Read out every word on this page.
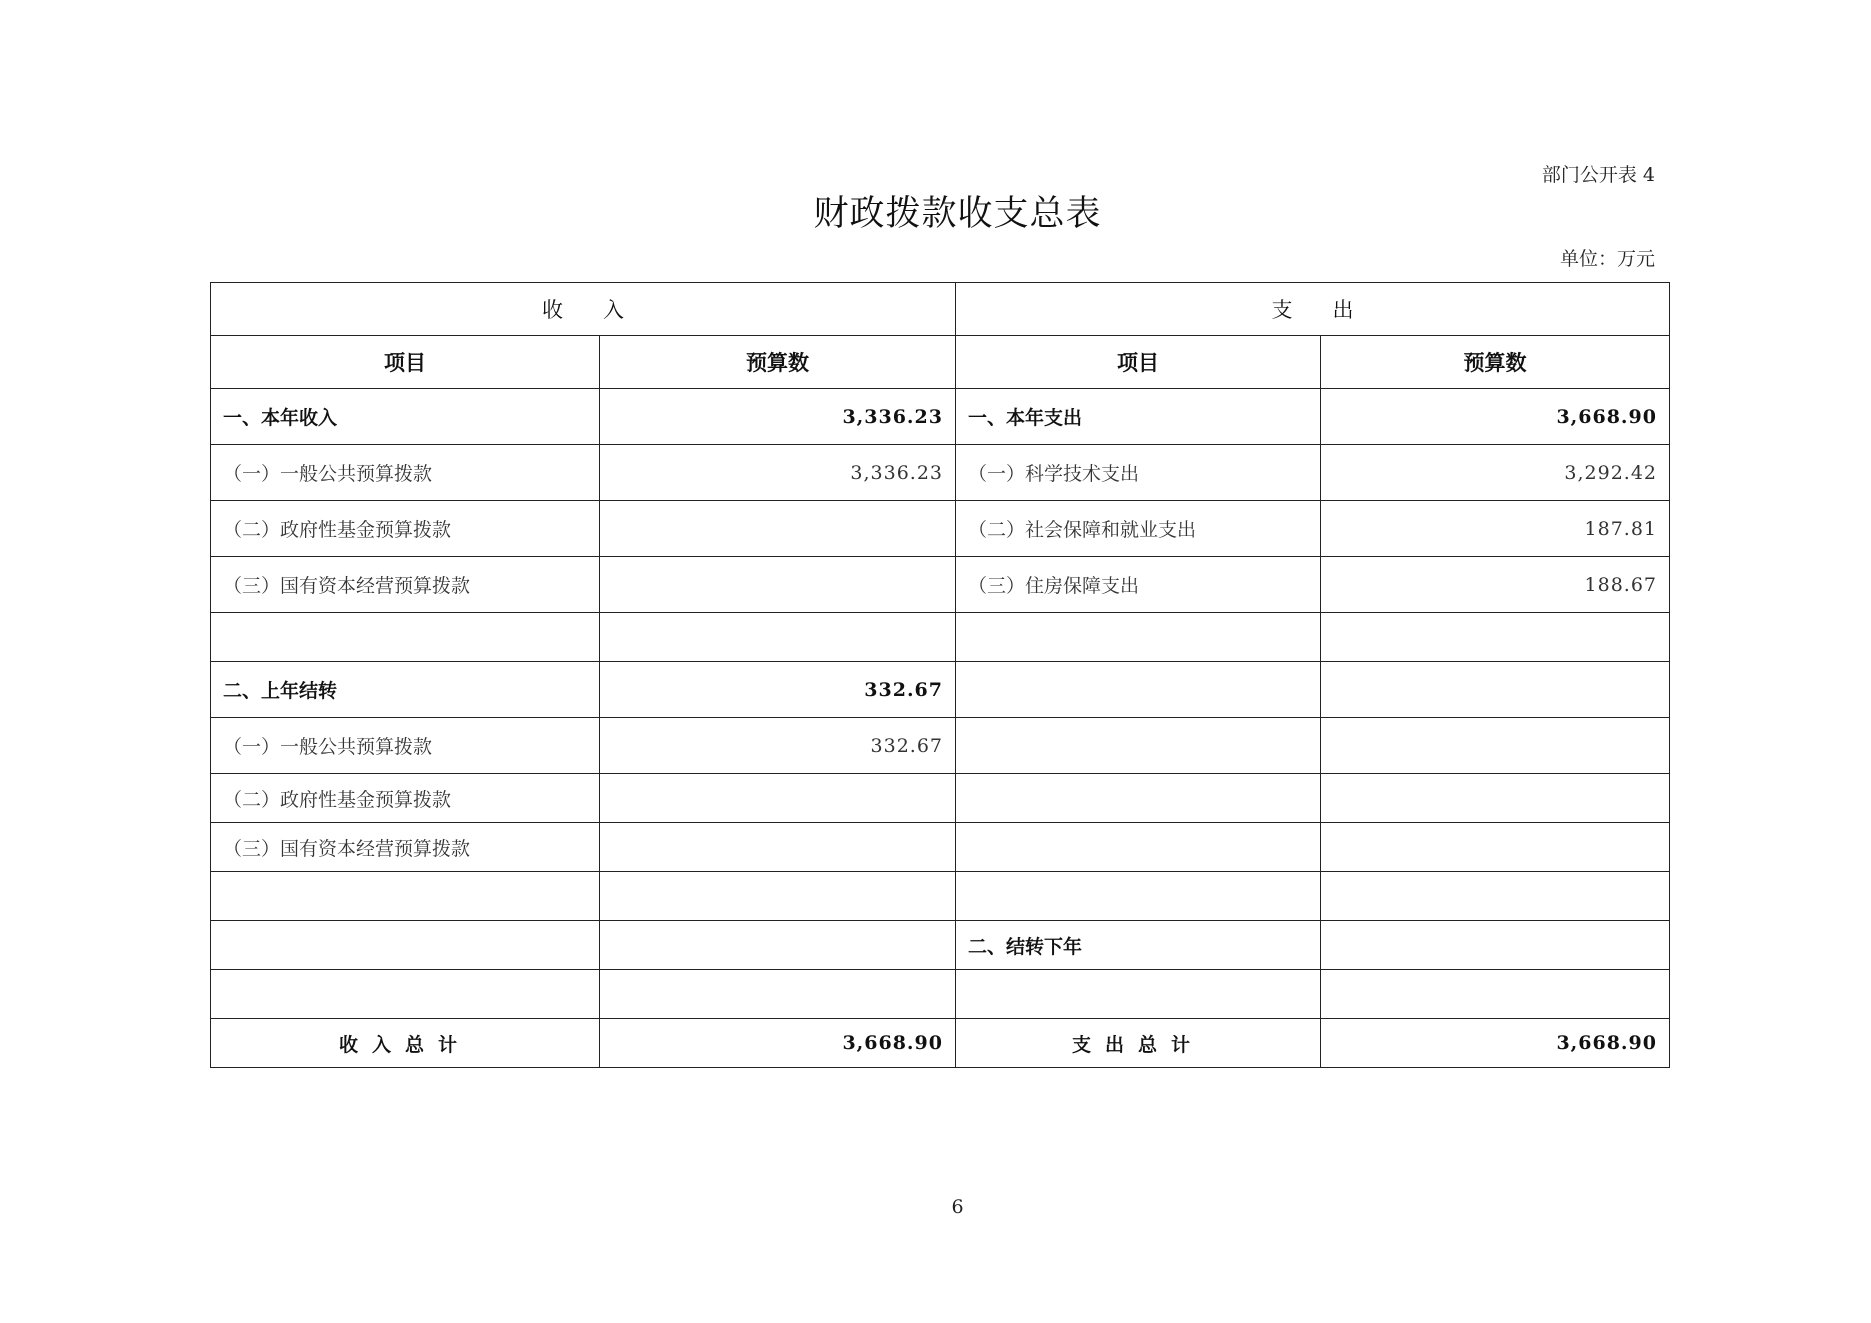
部门公开表 4
财政拨款收支总表
单位：万元
收      入		支      出	
项目	预算数	项目	预算数
一、本年收入	3,336.23	一、本年支出	3,668.90
（一）一般公共预算拨款	3,336.23	（一）科学技术支出	3,292.42
（二）政府性基金预算拨款		（二）社会保障和就业支出	187.81
（三）国有资本经营预算拨款		（三）住房保障支出	188.67

二、上年结转	332.67		
（一）一般公共预算拨款	332.67		
（二）政府性基金预算拨款			
（三）国有资本经营预算拨款			

		二、结转下年	

收入总计	3,668.90	支出总计	3,668.90
6
